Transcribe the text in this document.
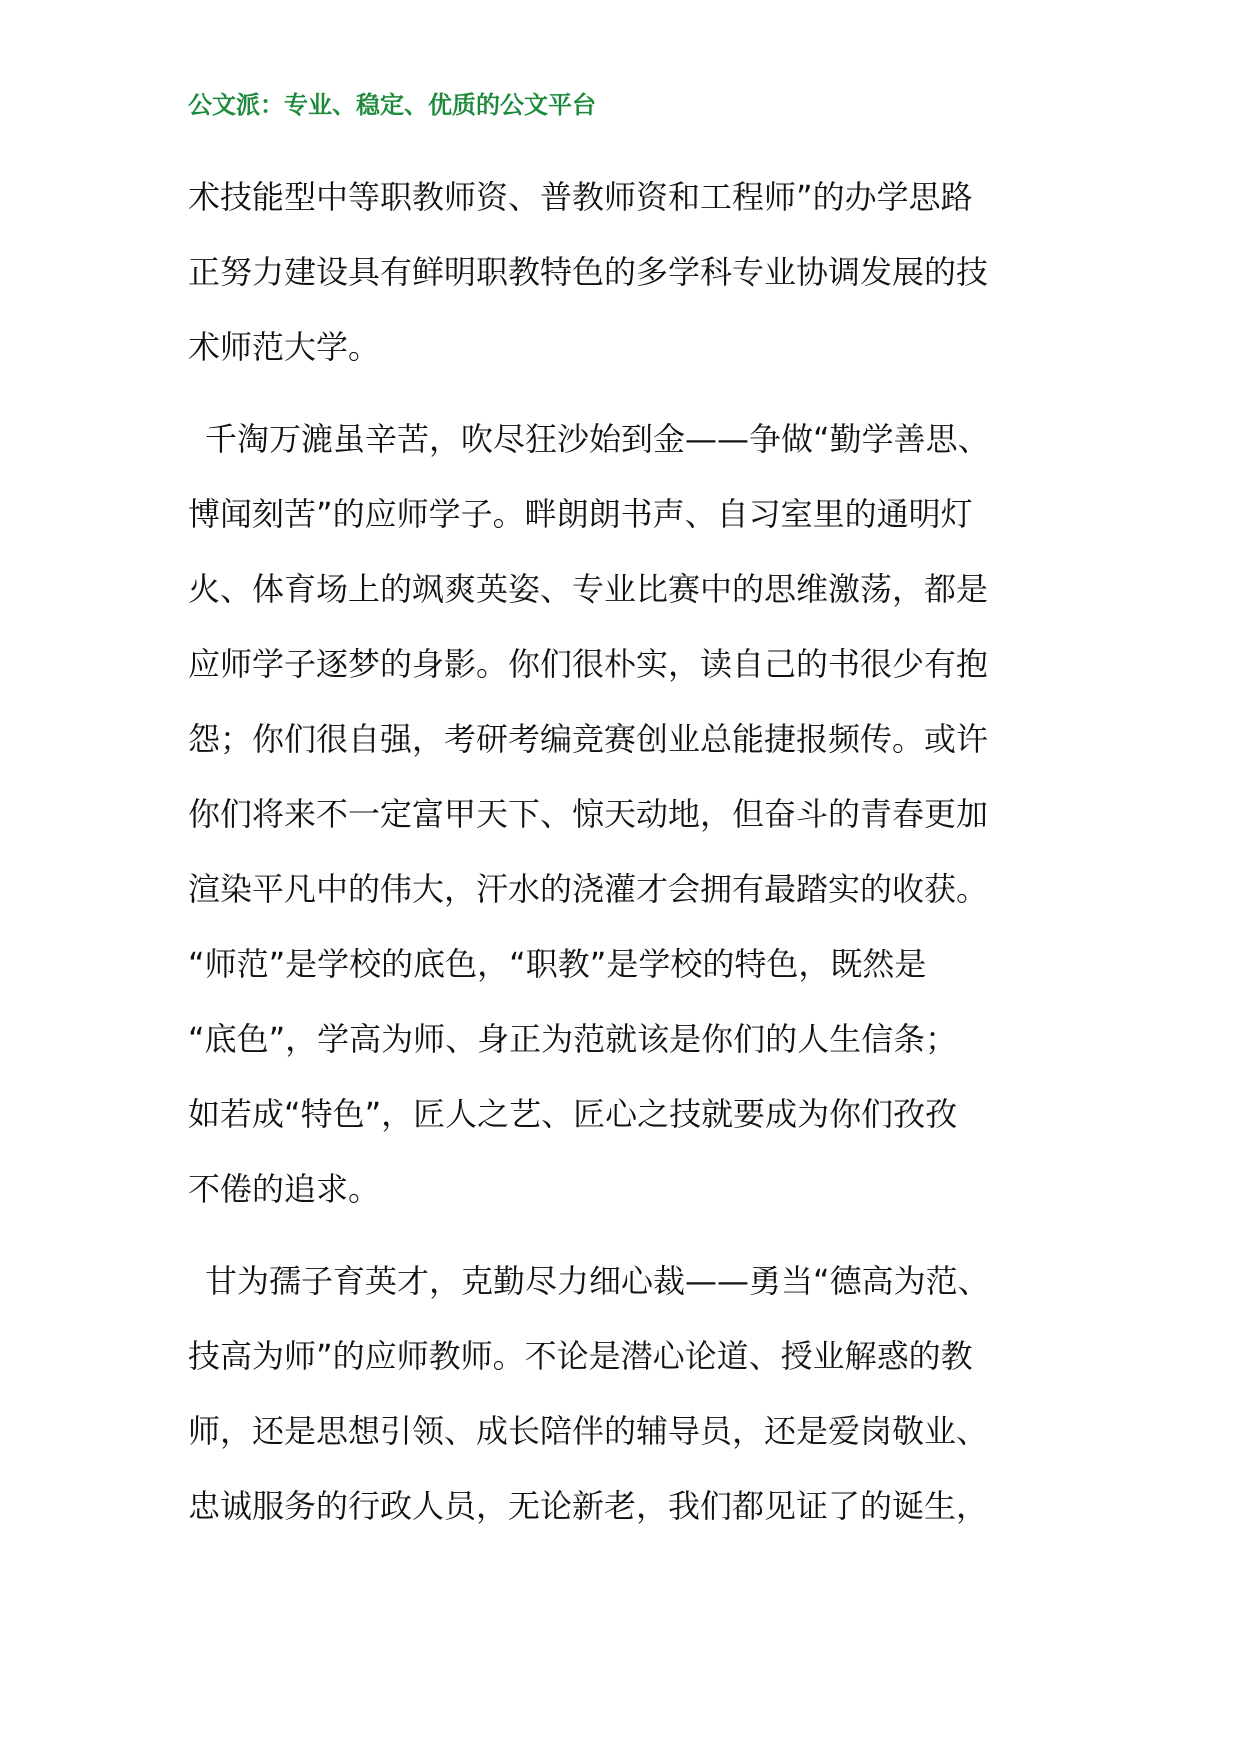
公文派：专业、稳定、优质的公文平台
术技能型中等职教师资、普教师资和工程师”的办学思路
正努力建设具有鲜明职教特色的多学科专业协调发展的技
术师范大学。
千淘万漉虽辛苦，吹尽狂沙始到金——争做“勤学善思、
博闻刻苦”的应师学子。畔朗朗书声、自习室里的通明灯
火、体育场上的飒爽英姿、专业比赛中的思维激荡，都是
应师学子逐梦的身影。你们很朴实，读自己的书很少有抱
怨；你们很自强，考研考编竞赛创业总能捷报频传。或许
你们将来不一定富甲天下、惊天动地，但奋斗的青春更加
渲染平凡中的伟大，汗水的浇灌才会拥有最踏实的收获。
“师范”是学校的底色，“职教”是学校的特色，既然是
“底色”，学高为师、身正为范就该是你们的人生信条；
如若成“特色”，匠人之艺、匠心之技就要成为你们孜孜
不倦的追求。
甘为孺子育英才，克勤尽力细心裁——勇当“德高为范、
技高为师”的应师教师。不论是潜心论道、授业解惑的教
师，还是思想引领、成长陪伴的辅导员，还是爱岗敬业、
忠诚服务的行政人员，无论新老，我们都见证了的诞生，
